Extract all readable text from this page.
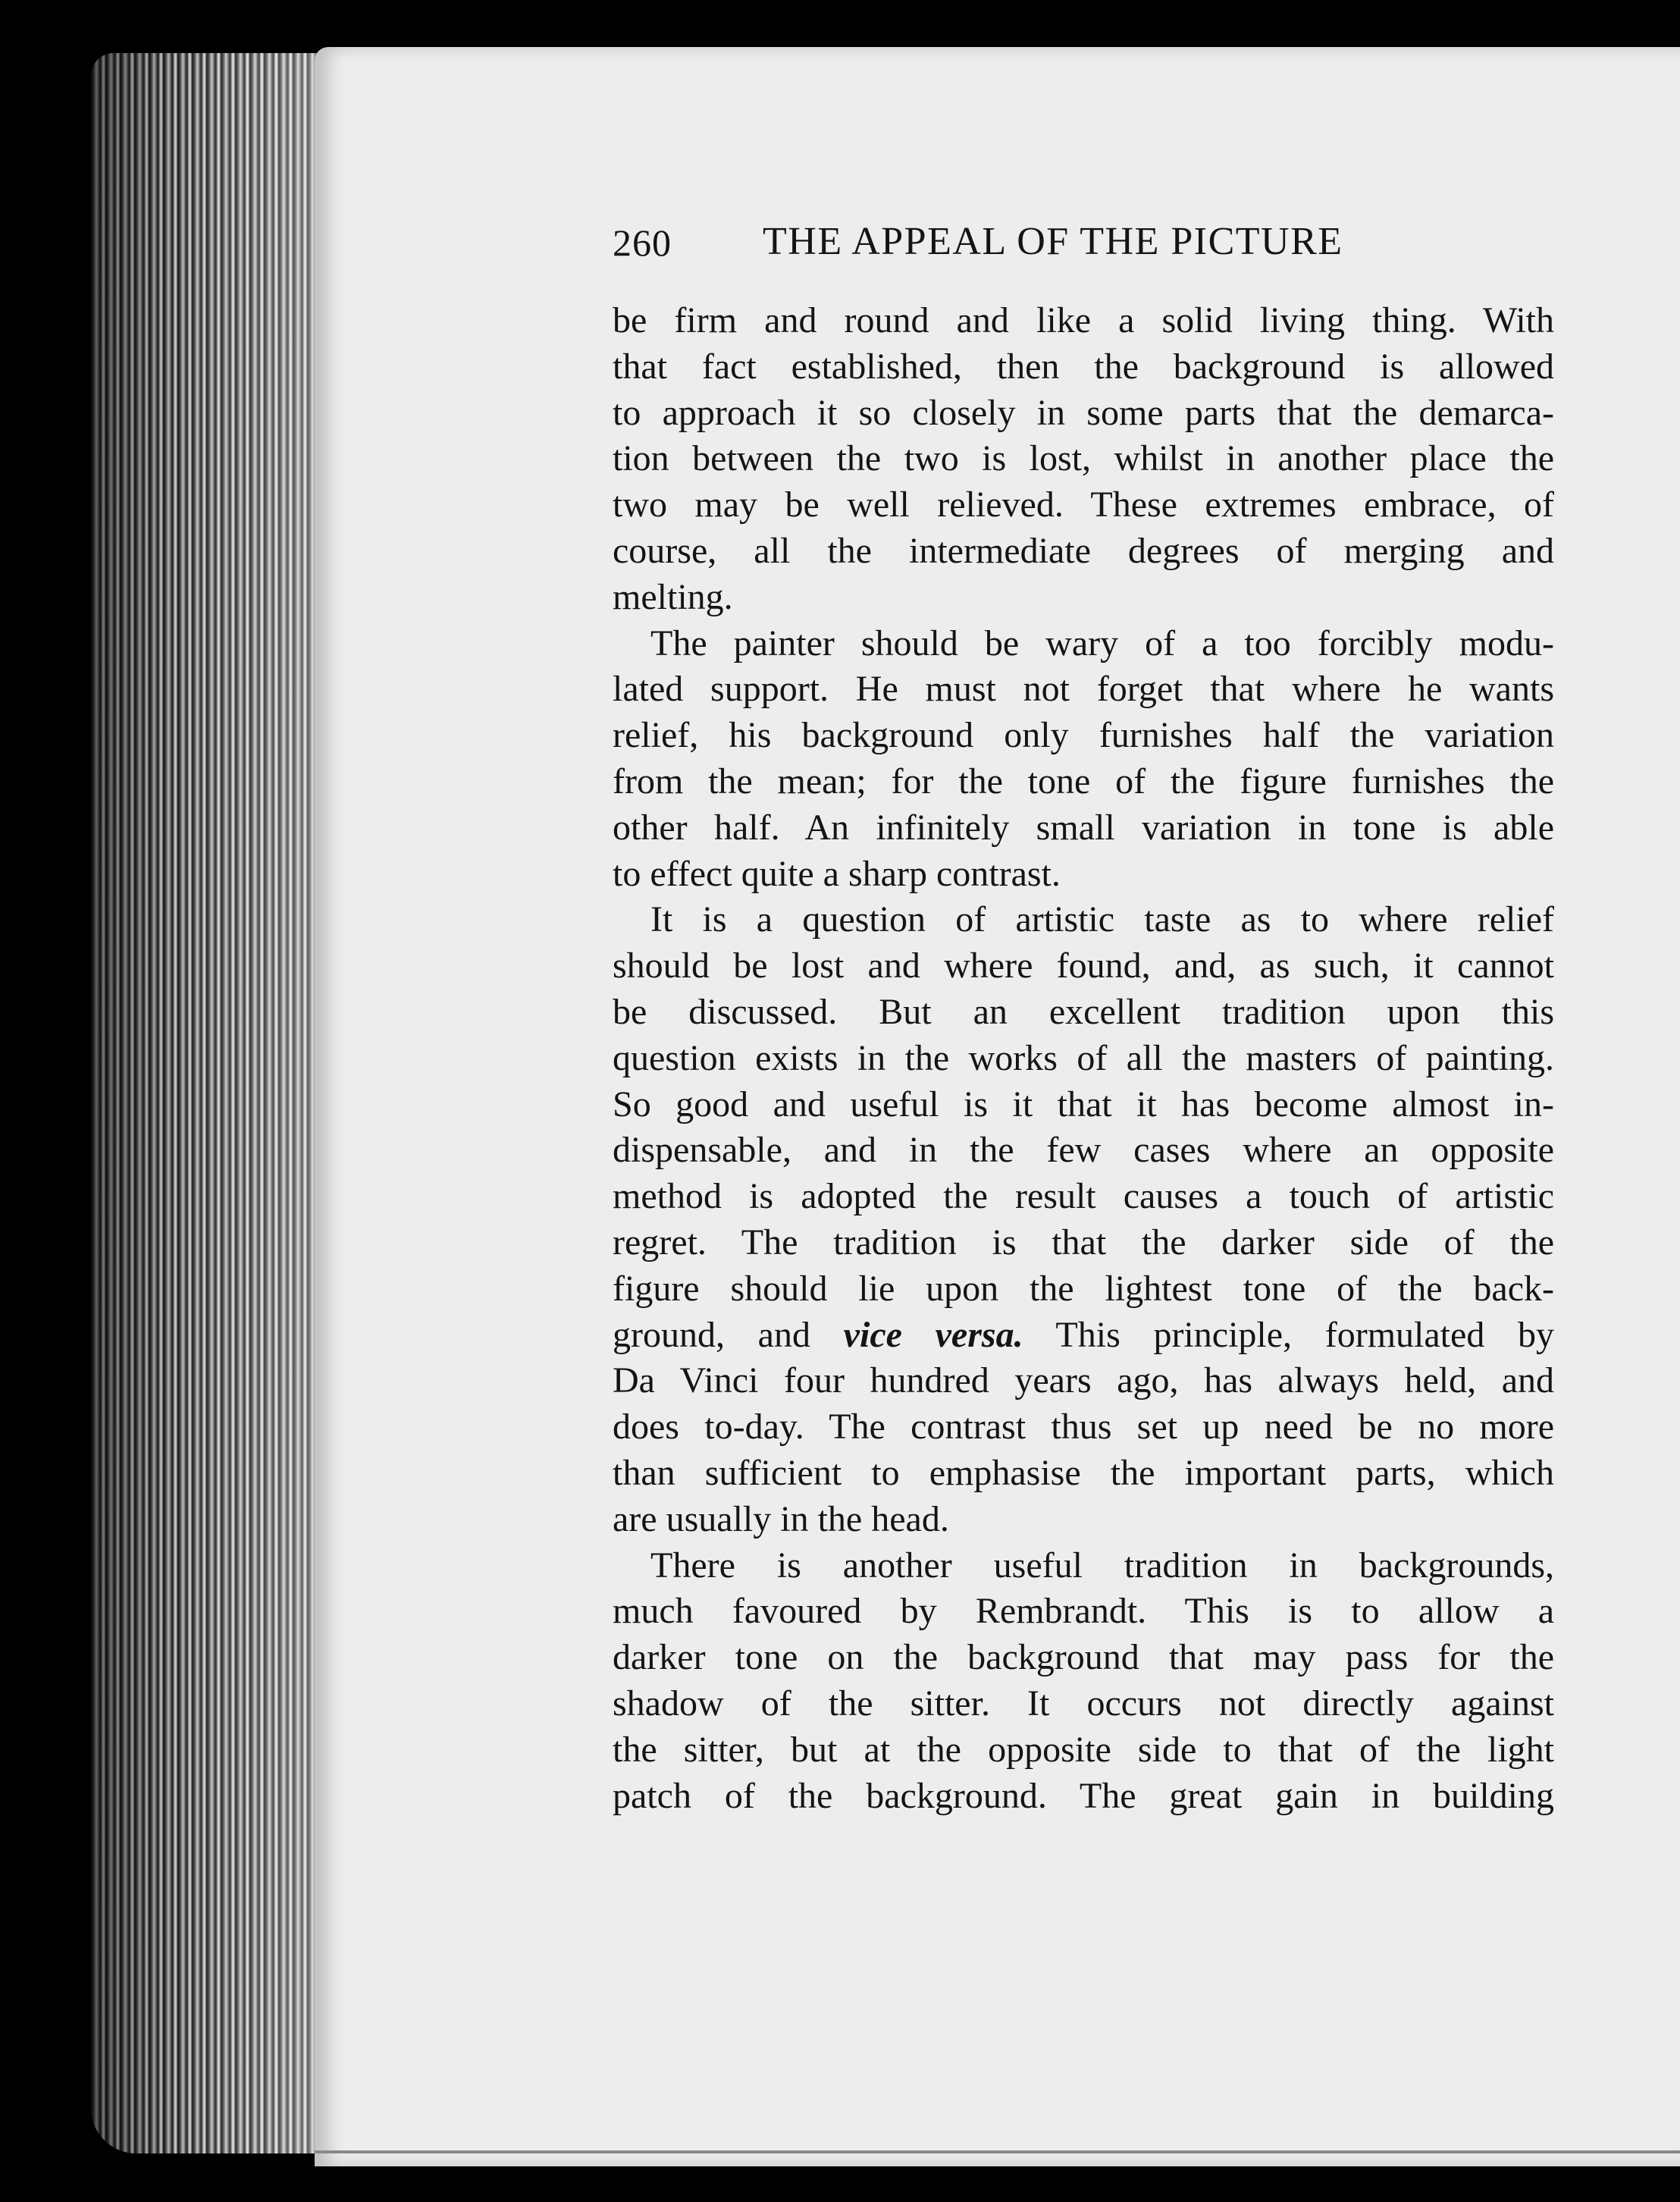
260 THE APPEAL OF THE PICTURE

be firm and round and like a solid living thing. With
that fact established, then the background is allowed
to approach it so closely in some parts that the demarca-
tion between the two is lost, whilst in another place the
two may be well relieved. These extremes embrace, of
course, all the intermediate degrees of merging and
melting.

The painter should be wary of a too forcibly modu-
lated support. He must not forget that where he wants
relief, his background only furnishes half the variation
from the mean; for the tone of the figure furnishes the
other half. An infinitely small variation in tone is able
to effect quite a sharp contrast.

It is a question of artistic taste as to where relief
should be lost and where found, and, as such, it cannot
be discussed. But an excellent tradition upon this
question exists in the works of all the masters of painting.
So good and useful is it that it has become almost in-
dispensable, and in the few cases where an opposite
method is adopted the result causes a touch of artistic
regret. The tradition is that the darker side of the
figure should lie upon the lightest tone of the back-
ground, and vice versa. This principle, formulated by
Da Vinci four hundred years ago, has always held, and
does to-day. The contrast thus set up need be no more
than sufficient to emphasise the important parts, which
are usually in the head.

There is another useful tradition in backgrounds,
much favoured by Rembrandt. This is to allow a
darker tone on the background that may pass for the
shadow of the sitter. It occurs not directly against
the sitter, but at the opposite side to that of the light
patch of the background. The great gain in building
